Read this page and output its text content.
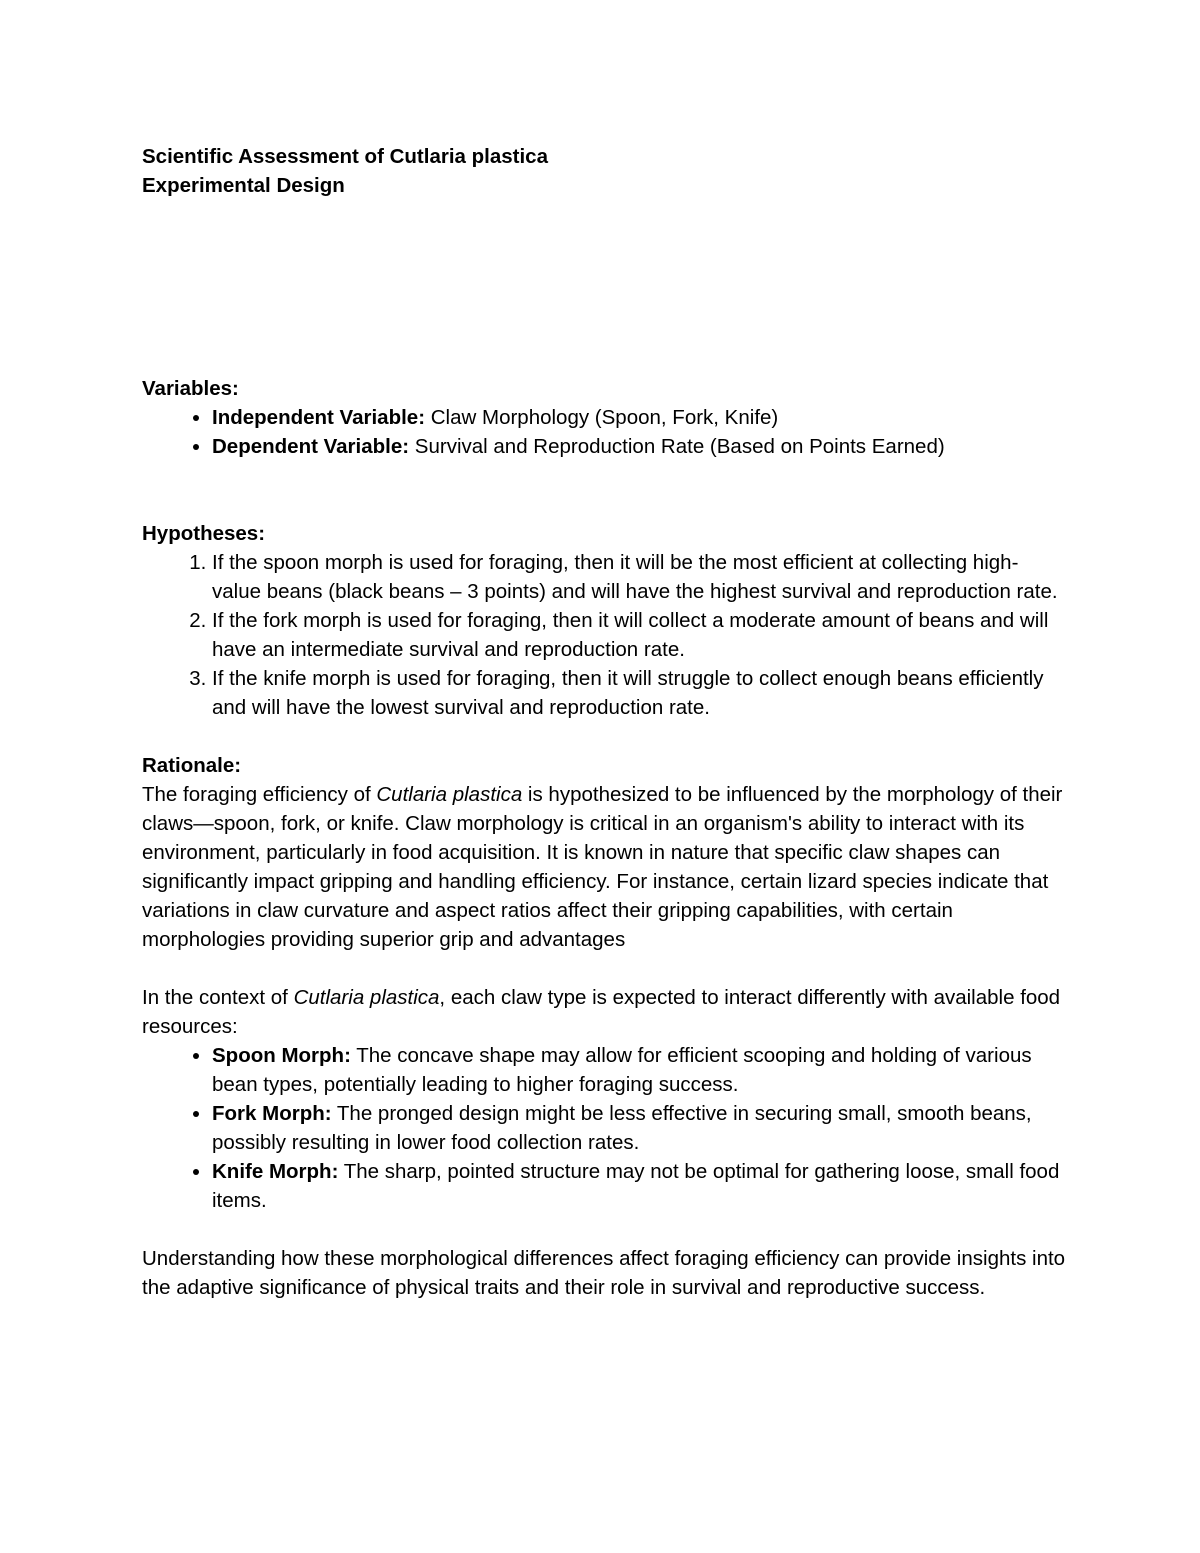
Scientific Assessment of Cutlaria plastica

Experimental Design

Variables:

• Independent Variable: Claw Morphology (Spoon, Fork, Knife)
• Dependent Variable: Survival and Reproduction Rate (Based on Points Earned)

Hypotheses:

1. If the spoon morph is used for foraging, then it will be the most efficient at collecting high-value beans (black beans – 3 points) and will have the highest survival and reproduction rate.
2. If the fork morph is used for foraging, then it will collect a moderate amount of beans and will have an intermediate survival and reproduction rate.
3. If the knife morph is used for foraging, then it will struggle to collect enough beans efficiently and will have the lowest survival and reproduction rate.

Rationale:

The foraging efficiency of Cutlaria plastica is hypothesized to be influenced by the morphology of their claws—spoon, fork, or knife. Claw morphology is critical in an organism's ability to interact with its environment, particularly in food acquisition. It is known in nature that specific claw shapes can significantly impact gripping and handling efficiency. For instance, certain lizard species indicate that variations in claw curvature and aspect ratios affect their gripping capabilities, with certain morphologies providing superior grip and advantages

In the context of Cutlaria plastica, each claw type is expected to interact differently with available food resources:

• Spoon Morph: The concave shape may allow for efficient scooping and holding of various bean types, potentially leading to higher foraging success.
• Fork Morph: The pronged design might be less effective in securing small, smooth beans, possibly resulting in lower food collection rates.
• Knife Morph: The sharp, pointed structure may not be optimal for gathering loose, small food items.

Understanding how these morphological differences affect foraging efficiency can provide insights into the adaptive significance of physical traits and their role in survival and reproductive success.
